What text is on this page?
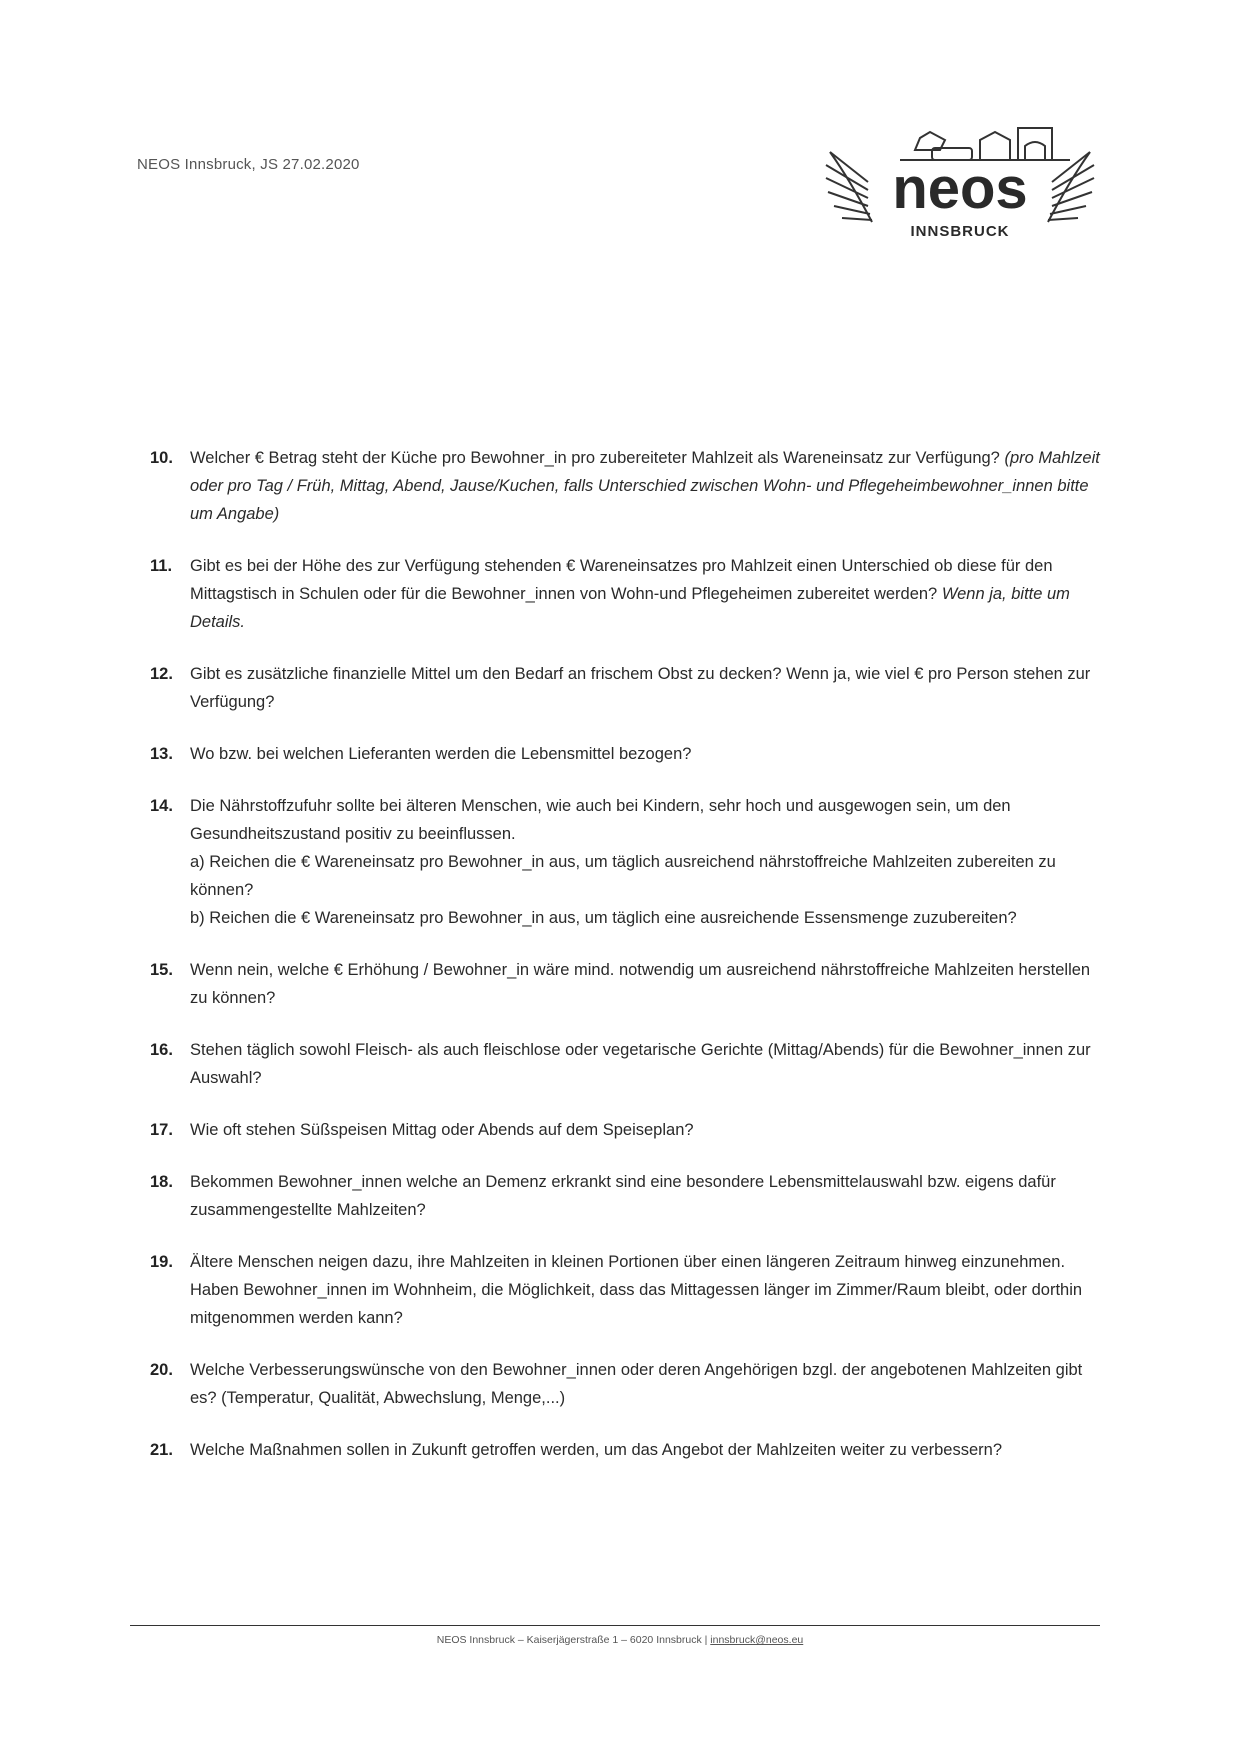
NEOS Innsbruck, JS 27.02.2020	neos
INNSBRUCK
10. Welcher € Betrag steht der Küche pro Bewohner_in pro zubereiteter Mahlzeit als Wareneinsatz zur Verfügung? (pro Mahlzeit oder pro Tag / Früh, Mittag, Abend, Jause/Kuchen, falls Unterschied zwischen Wohn- und Pflegeheimbewohner_innen bitte um Angabe)
11. Gibt es bei der Höhe des zur Verfügung stehenden € Wareneinsatzes pro Mahlzeit einen Unterschied ob diese für den Mittagstisch in Schulen oder für die Bewohner_innen von Wohn-und Pflegeheimen zubereitet werden? Wenn ja, bitte um Details.
12. Gibt es zusätzliche finanzielle Mittel um den Bedarf an frischem Obst zu decken? Wenn ja, wie viel € pro Person stehen zur Verfügung?
13. Wo bzw. bei welchen Lieferanten werden die Lebensmittel bezogen?
14. Die Nährstoffzufuhr sollte bei älteren Menschen, wie auch bei Kindern, sehr hoch und ausgewogen sein, um den Gesundheitszustand positiv zu beeinflussen.
a) Reichen die € Wareneinsatz pro Bewohner_in aus, um täglich ausreichend nährstoffreiche Mahlzeiten zubereiten zu können?
b) Reichen die € Wareneinsatz pro Bewohner_in aus, um täglich eine ausreichende Essensmenge zuzubereiten?
15. Wenn nein, welche € Erhöhung / Bewohner_in wäre mind. notwendig um ausreichend nährstoffreiche Mahlzeiten herstellen zu können?
16. Stehen täglich sowohl Fleisch- als auch fleischlose oder vegetarische Gerichte (Mittag/Abends) für die Bewohner_innen zur Auswahl?
17. Wie oft stehen Süßspeisen Mittag oder Abends auf dem Speiseplan?
18. Bekommen Bewohner_innen welche an Demenz erkrankt sind eine besondere Lebensmittelauswahl bzw. eigens dafür zusammengestellte Mahlzeiten?
19. Ältere Menschen neigen dazu, ihre Mahlzeiten in kleinen Portionen über einen längeren Zeitraum hinweg einzunehmen. Haben Bewohner_innen im Wohnheim, die Möglichkeit, dass das Mittagessen länger im Zimmer/Raum bleibt, oder dorthin mitgenommen werden kann?
20. Welche Verbesserungswünsche von den Bewohner_innen oder deren Angehörigen bzgl. der angebotenen Mahlzeiten gibt es? (Temperatur, Qualität, Abwechslung, Menge,...)
21. Welche Maßnahmen sollen in Zukunft getroffen werden, um das Angebot der Mahlzeiten weiter zu verbessern?
NEOS Innsbruck – Kaiserjägerstraße 1 – 6020 Innsbruck | innsbruck@neos.eu
